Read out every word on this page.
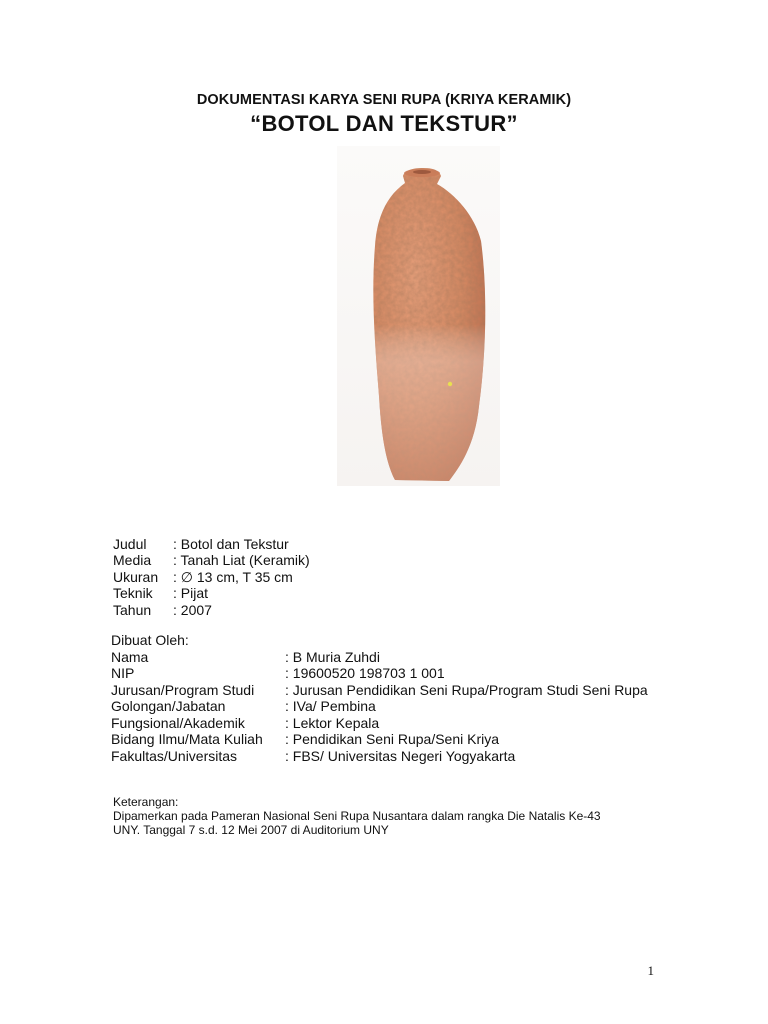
DOKUMENTASI KARYA SENI RUPA (KRIYA KERAMIK)
“BOTOL DAN TEKSTUR”
Judul	: Botol dan Tekstur
Media	: Tanah Liat (Keramik)
Ukuran	: ∅ 13 cm, T 35 cm
Teknik	: Pijat
Tahun	: 2007
Dibuat Oleh:
Nama	: B Muria Zuhdi
NIP	: 19600520 198703 1 001
Jurusan/Program Studi	: Jurusan Pendidikan Seni Rupa/Program Studi Seni Rupa
Golongan/Jabatan	: IVa/ Pembina
Fungsional/Akademik	: Lektor Kepala
Bidang Ilmu/Mata Kuliah	: Pendidikan Seni Rupa/Seni Kriya
Fakultas/Universitas	: FBS/ Universitas Negeri Yogyakarta
Keterangan:
Dipamerkan pada Pameran Nasional Seni Rupa Nusantara dalam rangka Die Natalis Ke-43
UNY. Tanggal 7 s.d. 12 Mei 2007 di Auditorium UNY
1
